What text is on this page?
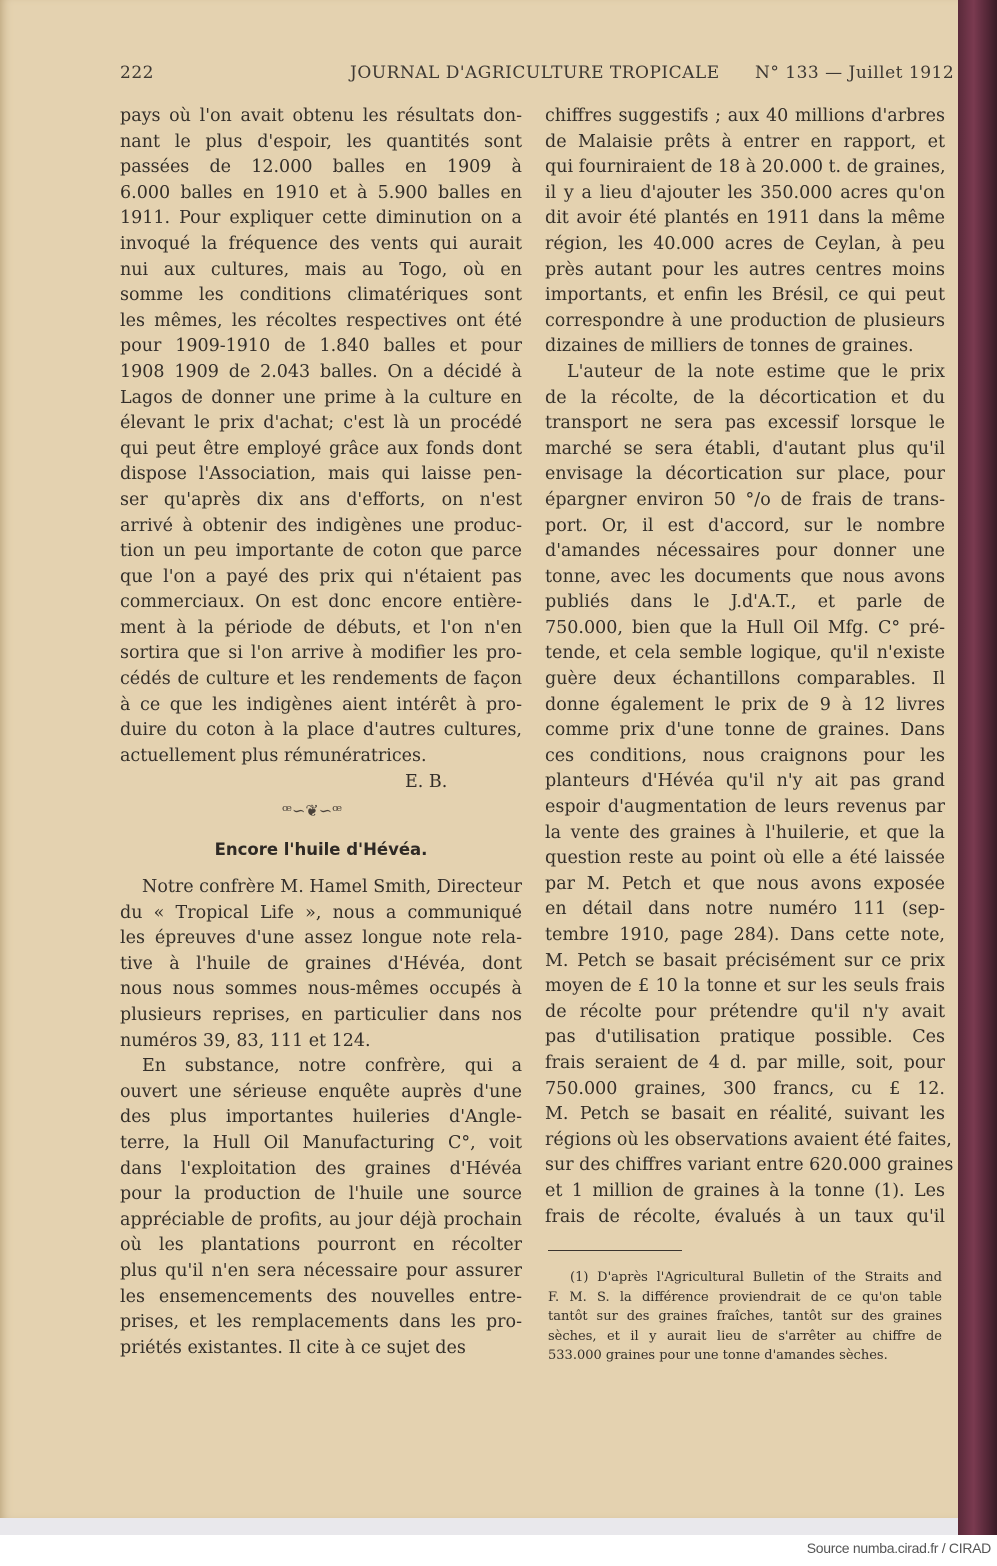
222	JOURNAL D'AGRICULTURE TROPICALE N° 133 — Juillet 1912
pays où l'on avait obtenu les résultats don-
nant le plus d'espoir, les quantités sont
passées de 12.000 balles en 1909 à
6.000 balles en 1910 et à 5.900 balles en
1911. Pour expliquer cette diminution on a
invoqué la fréquence des vents qui aurait
nui aux cultures, mais au Togo, où en
somme les conditions climatériques sont
les mêmes, les récoltes respectives ont été
pour 1909-1910 de 1.840 balles et pour
1908 1909 de 2.043 balles. On a décidé à
Lagos de donner une prime à la culture en
élevant le prix d'achat; c'est là un procédé
qui peut être employé grâce aux fonds dont
dispose l'Association, mais qui laisse pen-
ser qu'après dix ans d'efforts, on n'est
arrivé à obtenir des indigènes une produc-
tion un peu importante de coton que parce
que l'on a payé des prix qui n'étaient pas
commerciaux. On est donc encore entière-
ment à la période de débuts, et l'on n'en
sortira que si l'on arrive à modifier les pro-
cédés de culture et les rendements de façon
à ce que les indigènes aient intérêt à pro-
duire du coton à la place d'autres cultures,
actuellement plus rémunératrices.
E. B.
ꟹ∽❦∽ꟹ
Encore l'huile d'Hévéa.
Notre confrère M. Hamel Smith, Directeur
du « Tropical Life », nous a communiqué
les épreuves d'une assez longue note rela-
tive à l'huile de graines d'Hévéa, dont
nous nous sommes nous-mêmes occupés à
plusieurs reprises, en particulier dans nos
numéros 39, 83, 111 et 124.
En substance, notre confrère, qui a
ouvert une sérieuse enquête auprès d'une
des plus importantes huileries d'Angle-
terre, la Hull Oil Manufacturing C°, voit
dans l'exploitation des graines d'Hévéa
pour la production de l'huile une source
appréciable de profits, au jour déjà prochain
où les plantations pourront en récolter
plus qu'il n'en sera nécessaire pour assurer
les ensemencements des nouvelles entre-
prises, et les remplacements dans les pro-
priétés existantes. Il cite à ce sujet des
chiffres suggestifs ; aux 40 millions d'arbres
de Malaisie prêts à entrer en rapport, et
qui fourniraient de 18 à 20.000 t. de graines,
il y a lieu d'ajouter les 350.000 acres qu'on
dit avoir été plantés en 1911 dans la même
région, les 40.000 acres de Ceylan, à peu
près autant pour les autres centres moins
importants, et enfin les Brésil, ce qui peut
correspondre à une production de plusieurs
dizaines de milliers de tonnes de graines.
L'auteur de la note estime que le prix
de la récolte, de la décortication et du
transport ne sera pas excessif lorsque le
marché se sera établi, d'autant plus qu'il
envisage la décortication sur place, pour
épargner environ 50 °/o de frais de trans-
port. Or, il est d'accord, sur le nombre
d'amandes nécessaires pour donner une
tonne, avec les documents que nous avons
publiés dans le J.d'A.T., et parle de
750.000, bien que la Hull Oil Mfg. C° pré-
tende, et cela semble logique, qu'il n'existe
guère deux échantillons comparables. Il
donne également le prix de 9 à 12 livres
comme prix d'une tonne de graines. Dans
ces conditions, nous craignons pour les
planteurs d'Hévéa qu'il n'y ait pas grand
espoir d'augmentation de leurs revenus par
la vente des graines à l'huilerie, et que la
question reste au point où elle a été laissée
par M. Petch et que nous avons exposée
en détail dans notre numéro 111 (sep-
tembre 1910, page 284). Dans cette note,
M. Petch se basait précisément sur ce prix
moyen de £ 10 la tonne et sur les seuls frais
de récolte pour prétendre qu'il n'y avait
pas d'utilisation pratique possible. Ces
frais seraient de 4 d. par mille, soit, pour
750.000 graines, 300 francs, cu £ 12.
M. Petch se basait en réalité, suivant les
régions où les observations avaient été faites,
sur des chiffres variant entre 620.000 graines
et 1 million de graines à la tonne (1). Les
frais de récolte, évalués à un taux qu'il
(1) D'après l'Agricultural Bulletin of the Straits and
F. M. S. la différence proviendrait de ce qu'on table
tantôt sur des graines fraîches, tantôt sur des graines
sèches, et il y aurait lieu de s'arrêter au chiffre de
533.000 graines pour une tonne d'amandes sèches.
Source numba.cirad.fr / CIRAD
